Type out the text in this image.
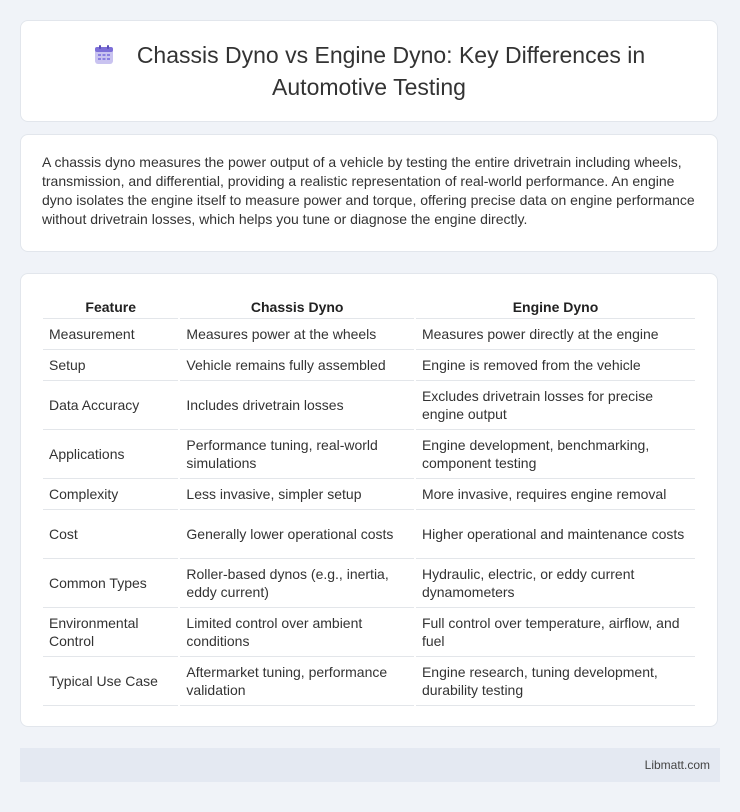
Chassis Dyno vs Engine Dyno: Key Differences in Automotive Testing

A chassis dyno measures the power output of a vehicle by testing the entire drivetrain including wheels, transmission, and differential, providing a realistic representation of real-world performance. An engine dyno isolates the engine itself to measure power and torque, offering precise data on engine performance without drivetrain losses, which helps you tune or diagnose the engine directly.

Feature	Chassis Dyno	Engine Dyno
Measurement	Measures power at the wheels	Measures power directly at the engine
Setup	Vehicle remains fully assembled	Engine is removed from the vehicle
Data Accuracy	Includes drivetrain losses	Excludes drivetrain losses for precise engine output
Applications	Performance tuning, real-world simulations	Engine development, benchmarking, component testing
Complexity	Less invasive, simpler setup	More invasive, requires engine removal
Cost	Generally lower operational costs	Higher operational and maintenance costs
Common Types	Roller-based dynos (e.g., inertia, eddy current)	Hydraulic, electric, or eddy current dynamometers
Environmental Control	Limited control over ambient conditions	Full control over temperature, airflow, and fuel
Typical Use Case	Aftermarket tuning, performance validation	Engine research, tuning development, durability testing
Libmatt.com
